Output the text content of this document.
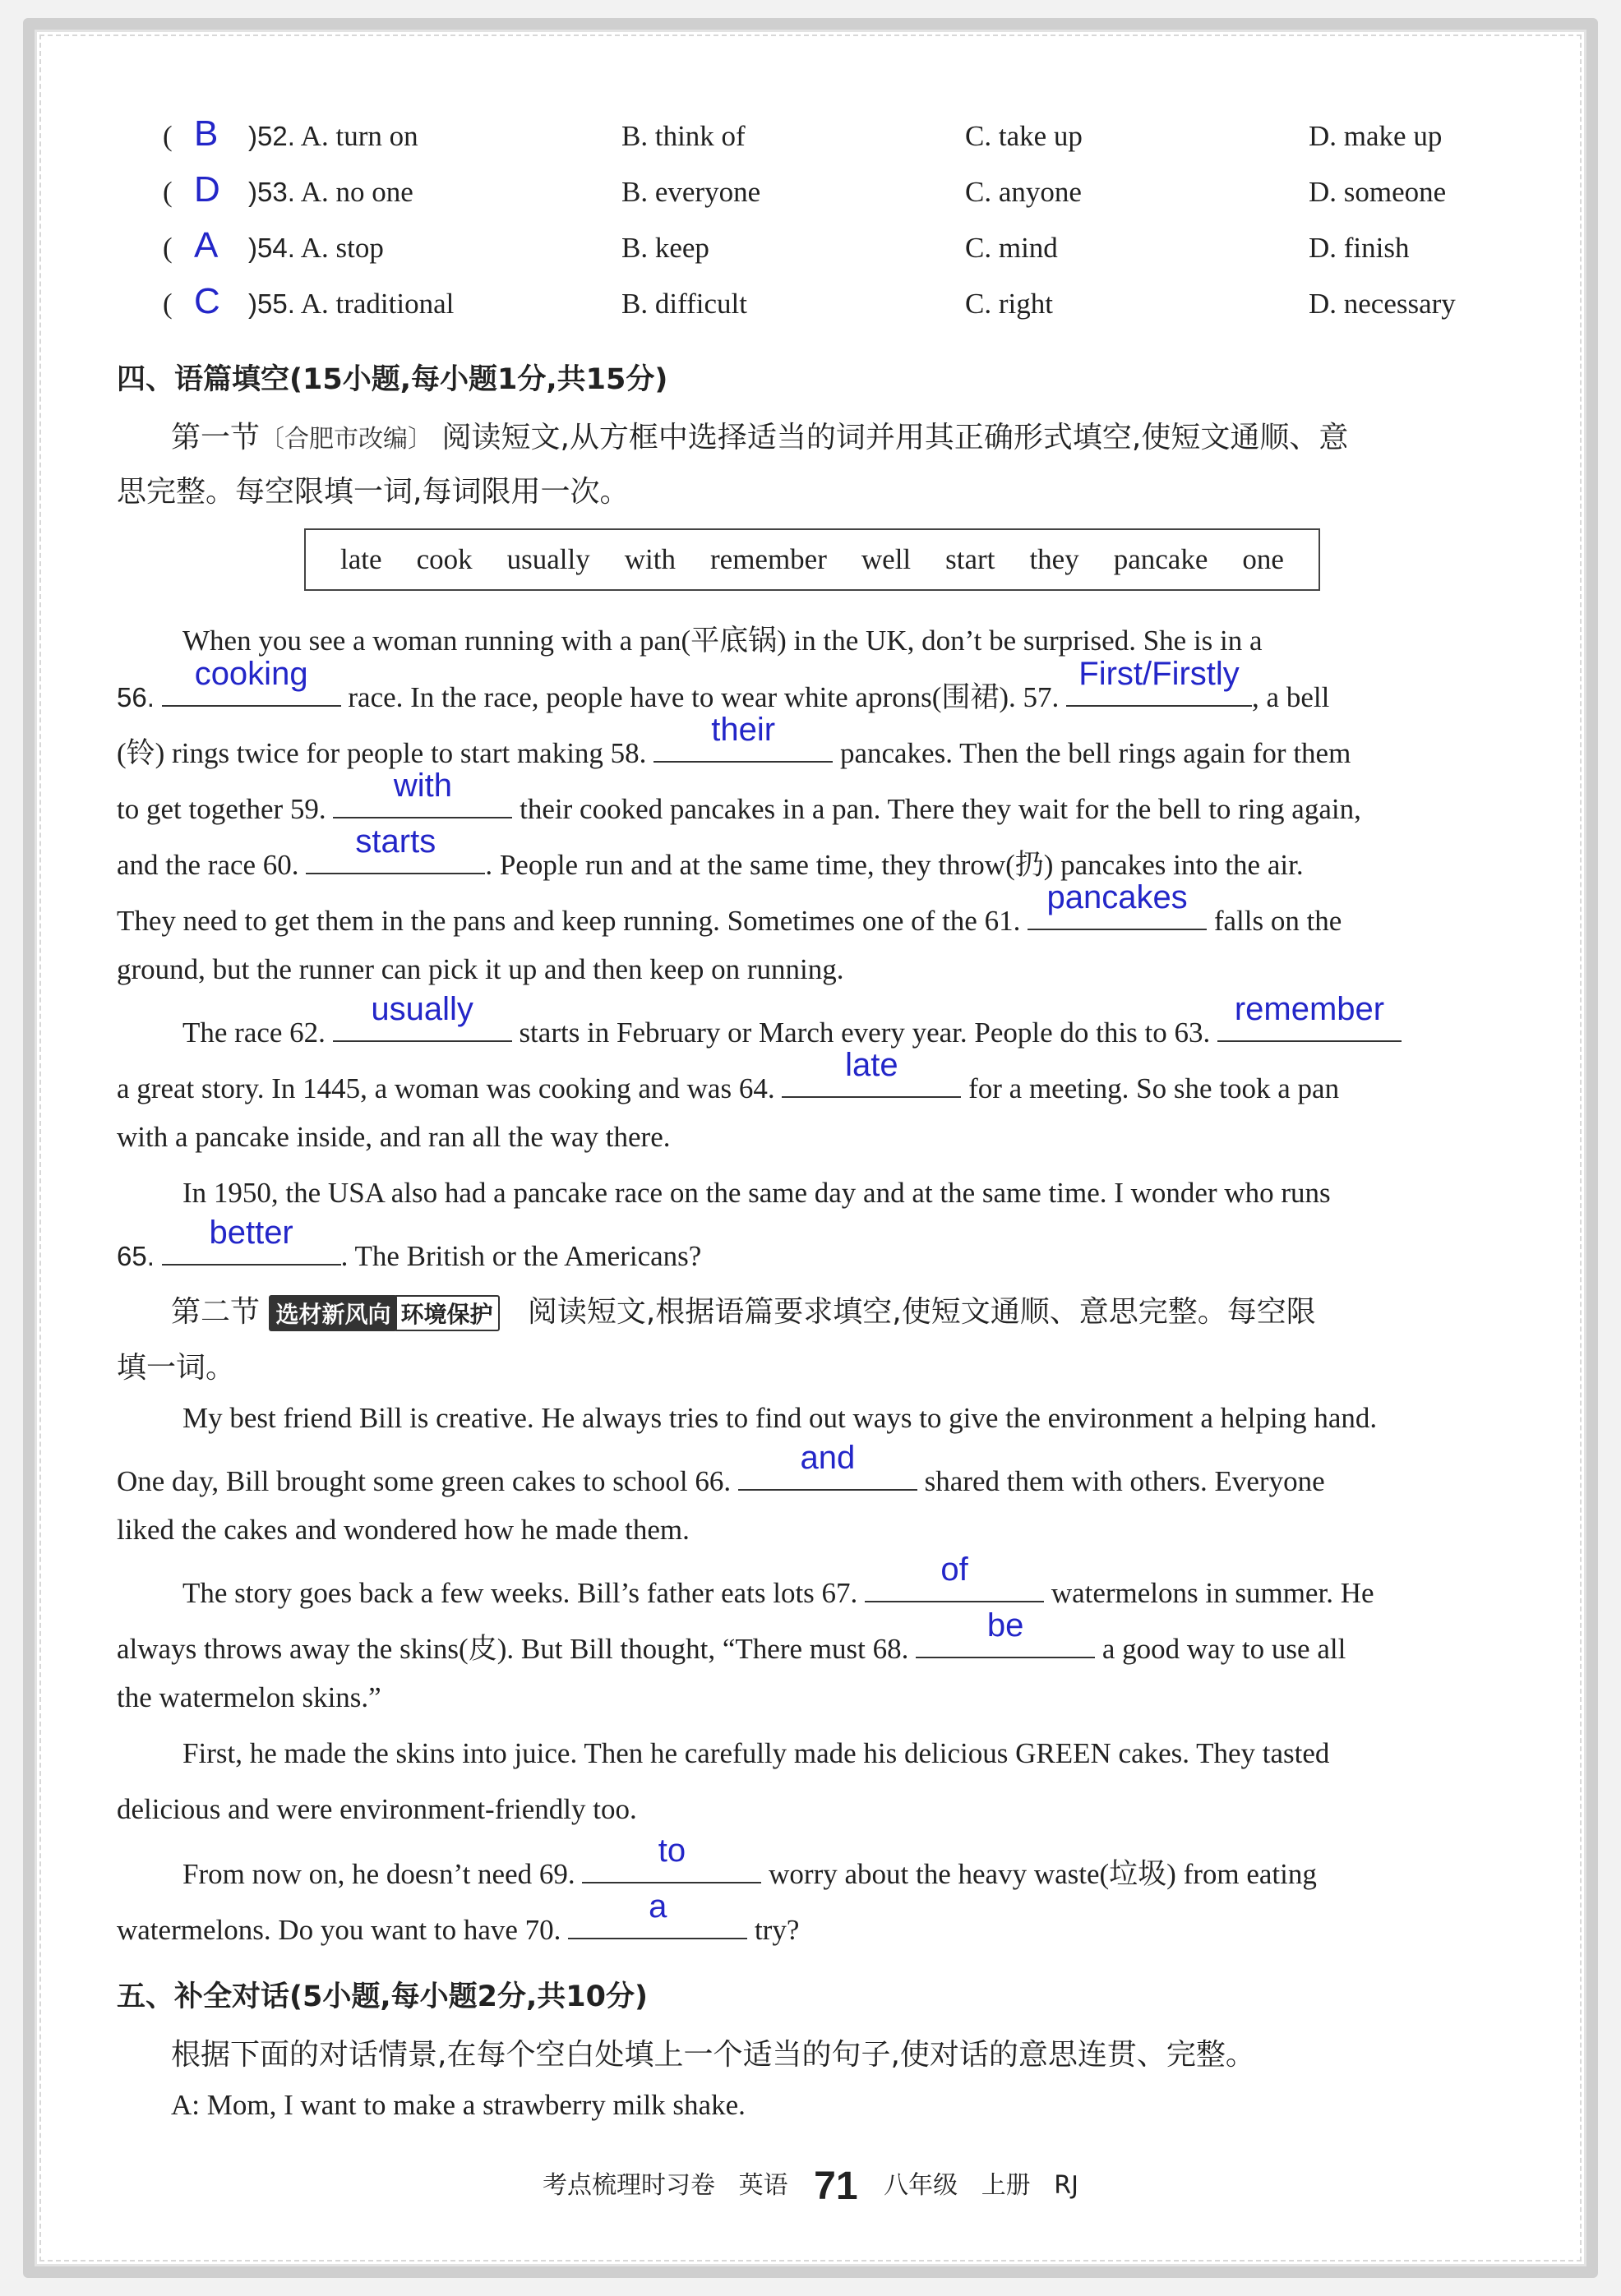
( B )52. A. turn on	B. think of	C. take up	D. make up
( D )53. A. no one	B. everyone	C. anyone	D. someone
( A )54. A. stop	B. keep	C. mind	D. finish
( C )55. A. traditional	B. difficult	C. right	D. necessary
四、语篇填空(15小题,每小题1分,共15分)
第一节〔合肥市改编〕 阅读短文,从方框中选择适当的词并用其正确形式填空,使短文通顺、意
思完整。每空限填一词,每词限用一次。
late cook usually with remember well start they pancake one
When you see a woman running with a pan(平底锅) in the UK, don’t be surprised. She is in a
56.
cooking
race. In the race, people have to wear white aprons(围裙). 57.
First/Firstly
, a bell
(铃) rings twice for people to start making 58.
their
pancakes. Then the bell rings again for them
to get together 59.
with
their cooked pancakes in a pan. There they wait for the bell to ring again,
and the race 60.
starts
. People run and at the same time, they throw(扔) pancakes into the air.
They need to get them in the pans and keep running. Sometimes one of the 61.
pancakes
falls on the
ground, but the runner can pick it up and then keep on running.
The race 62.
usually
starts in February or March every year. People do this to 63.
remember
a great story. In 1445, a woman was cooking and was 64.
late
for a meeting. So she took a pan
with a pancake inside, and ran all the way there.
In 1950, the USA also had a pancake race on the same day and at the same time. I wonder who runs
65.
better
. The British or the Americans?
第二节 选材新风向 环境保护 阅读短文,根据语篇要求填空,使短文通顺、意思完整。每空限
填一词。
My best friend Bill is creative. He always tries to find out ways to give the environment a helping hand.
One day, Bill brought some green cakes to school 66.
and
shared them with others. Everyone
liked the cakes and wondered how he made them.
The story goes back a few weeks. Bill’s father eats lots 67.
of
watermelons in summer. He
always throws away the skins(皮). But Bill thought, “There must 68.
be
a good way to use all
the watermelon skins.”
First, he made the skins into juice. Then he carefully made his delicious GREEN cakes. They tasted
delicious and were environment-friendly too.
From now on, he doesn’t need 69.
to
worry about the heavy waste(垃圾) from eating
watermelons. Do you want to have 70.
a
try?
五、补全对话(5小题,每小题2分,共10分)
根据下面的对话情景,在每个空白处填上一个适当的句子,使对话的意思连贯、完整。
A: Mom, I want to make a strawberry milk shake.
考点梳理时习卷 英语 71 八年级 上册 RJ
